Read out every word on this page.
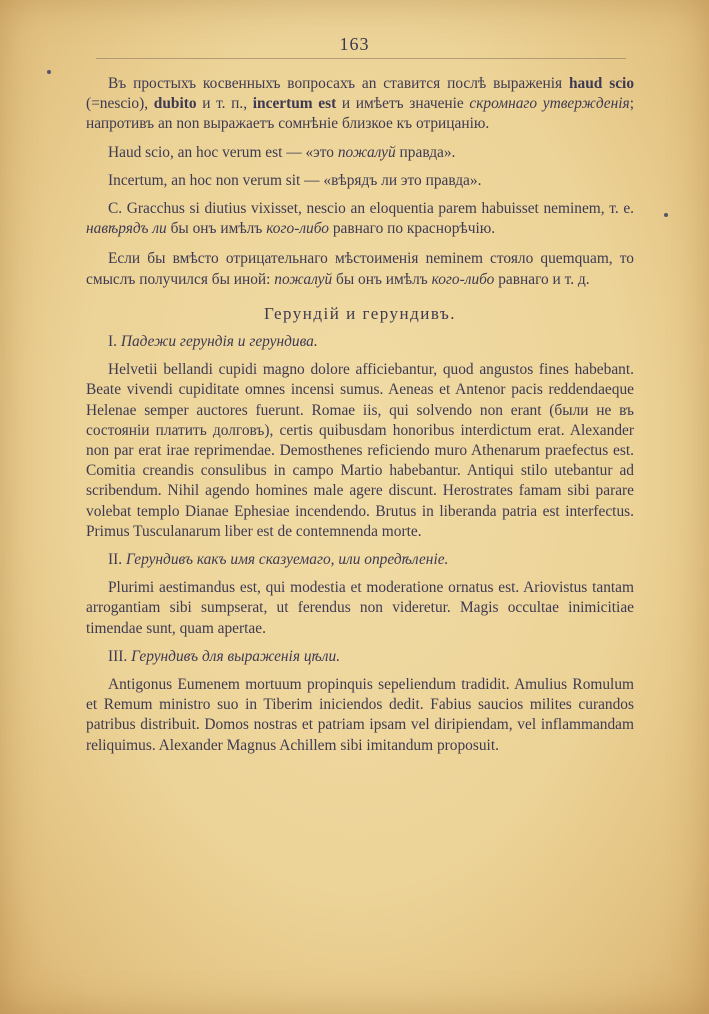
163

Въ простыхъ косвенныхъ вопросахъ an ставится послѣ выраженія haud scio (=nescio), dubito и т. п., incertum est и имѣетъ значеніе скромнаго утвержденія; напротивъ an non выражаетъ сомнѣніе близкое къ отрицанію.

Haud scio, an hoc verum est — «это пожалуй правда».

Incertum, an hoc non verum sit — «вѣрядъ ли это правда».

C. Gracchus si diutius vixisset, nescio an eloquentia parem habuisset neminem, т. е. навѣрядъ ли бы онъ имѣлъ кого-либо равнаго по краснорѣчію.

Если бы вмѣсто отрицательнаго мѣстоименія neminem стояло quemquam, то смыслъ получился бы иной: пожалуй бы онъ имѣлъ кого-либо равнаго и т. д.

Герундій и герундивъ.

I. Падежи герундія и герундива.

Helvetii bellandi cupidi magno dolore afficiebantur, quod angustos fines habebant. Beate vivendi cupiditate omnes incensi sumus. Aeneas et Antenor pacis reddendaeque Helenae semper auctores fuerunt. Romae iis, qui solvendo non erant (были не въ состояніи платить долговъ), certis quibusdam honoribus interdictum erat. Alexander non par erat irae reprimendae. Demosthenes reficiendo muro Athenarum praefectus est. Comitia creandis consulibus in campo Martio habebantur. Antiqui stilo utebantur ad scribendum. Nihil agendo homines male agere discunt. Herostrates famam sibi parare volebat templo Dianae Ephesiae incendendo. Brutus in liberanda patria est interfectus. Primus Tusculanarum liber est de contemnenda morte.

II. Герундивъ какъ имя сказуемаго, или опредѣленіе.

Plurimi aestimandus est, qui modestia et moderatione ornatus est. Ariovistus tantam arrogantiam sibi sumpserat, ut ferendus non videretur. Magis occultae inimicitiae timendae sunt, quam apertae.

III. Герундивъ для выраженія цѣли.

Antigonus Eumenem mortuum propinquis sepeliendum tradidit. Amulius Romulum et Remum ministro suo in Tiberim iniciendos dedit. Fabius saucios milites curandos patribus distribuit. Domos nostras et patriam ipsam vel diripiendam, vel inflammandam reliquimus. Alexander Magnus Achillem sibi imitandum proposuit.
